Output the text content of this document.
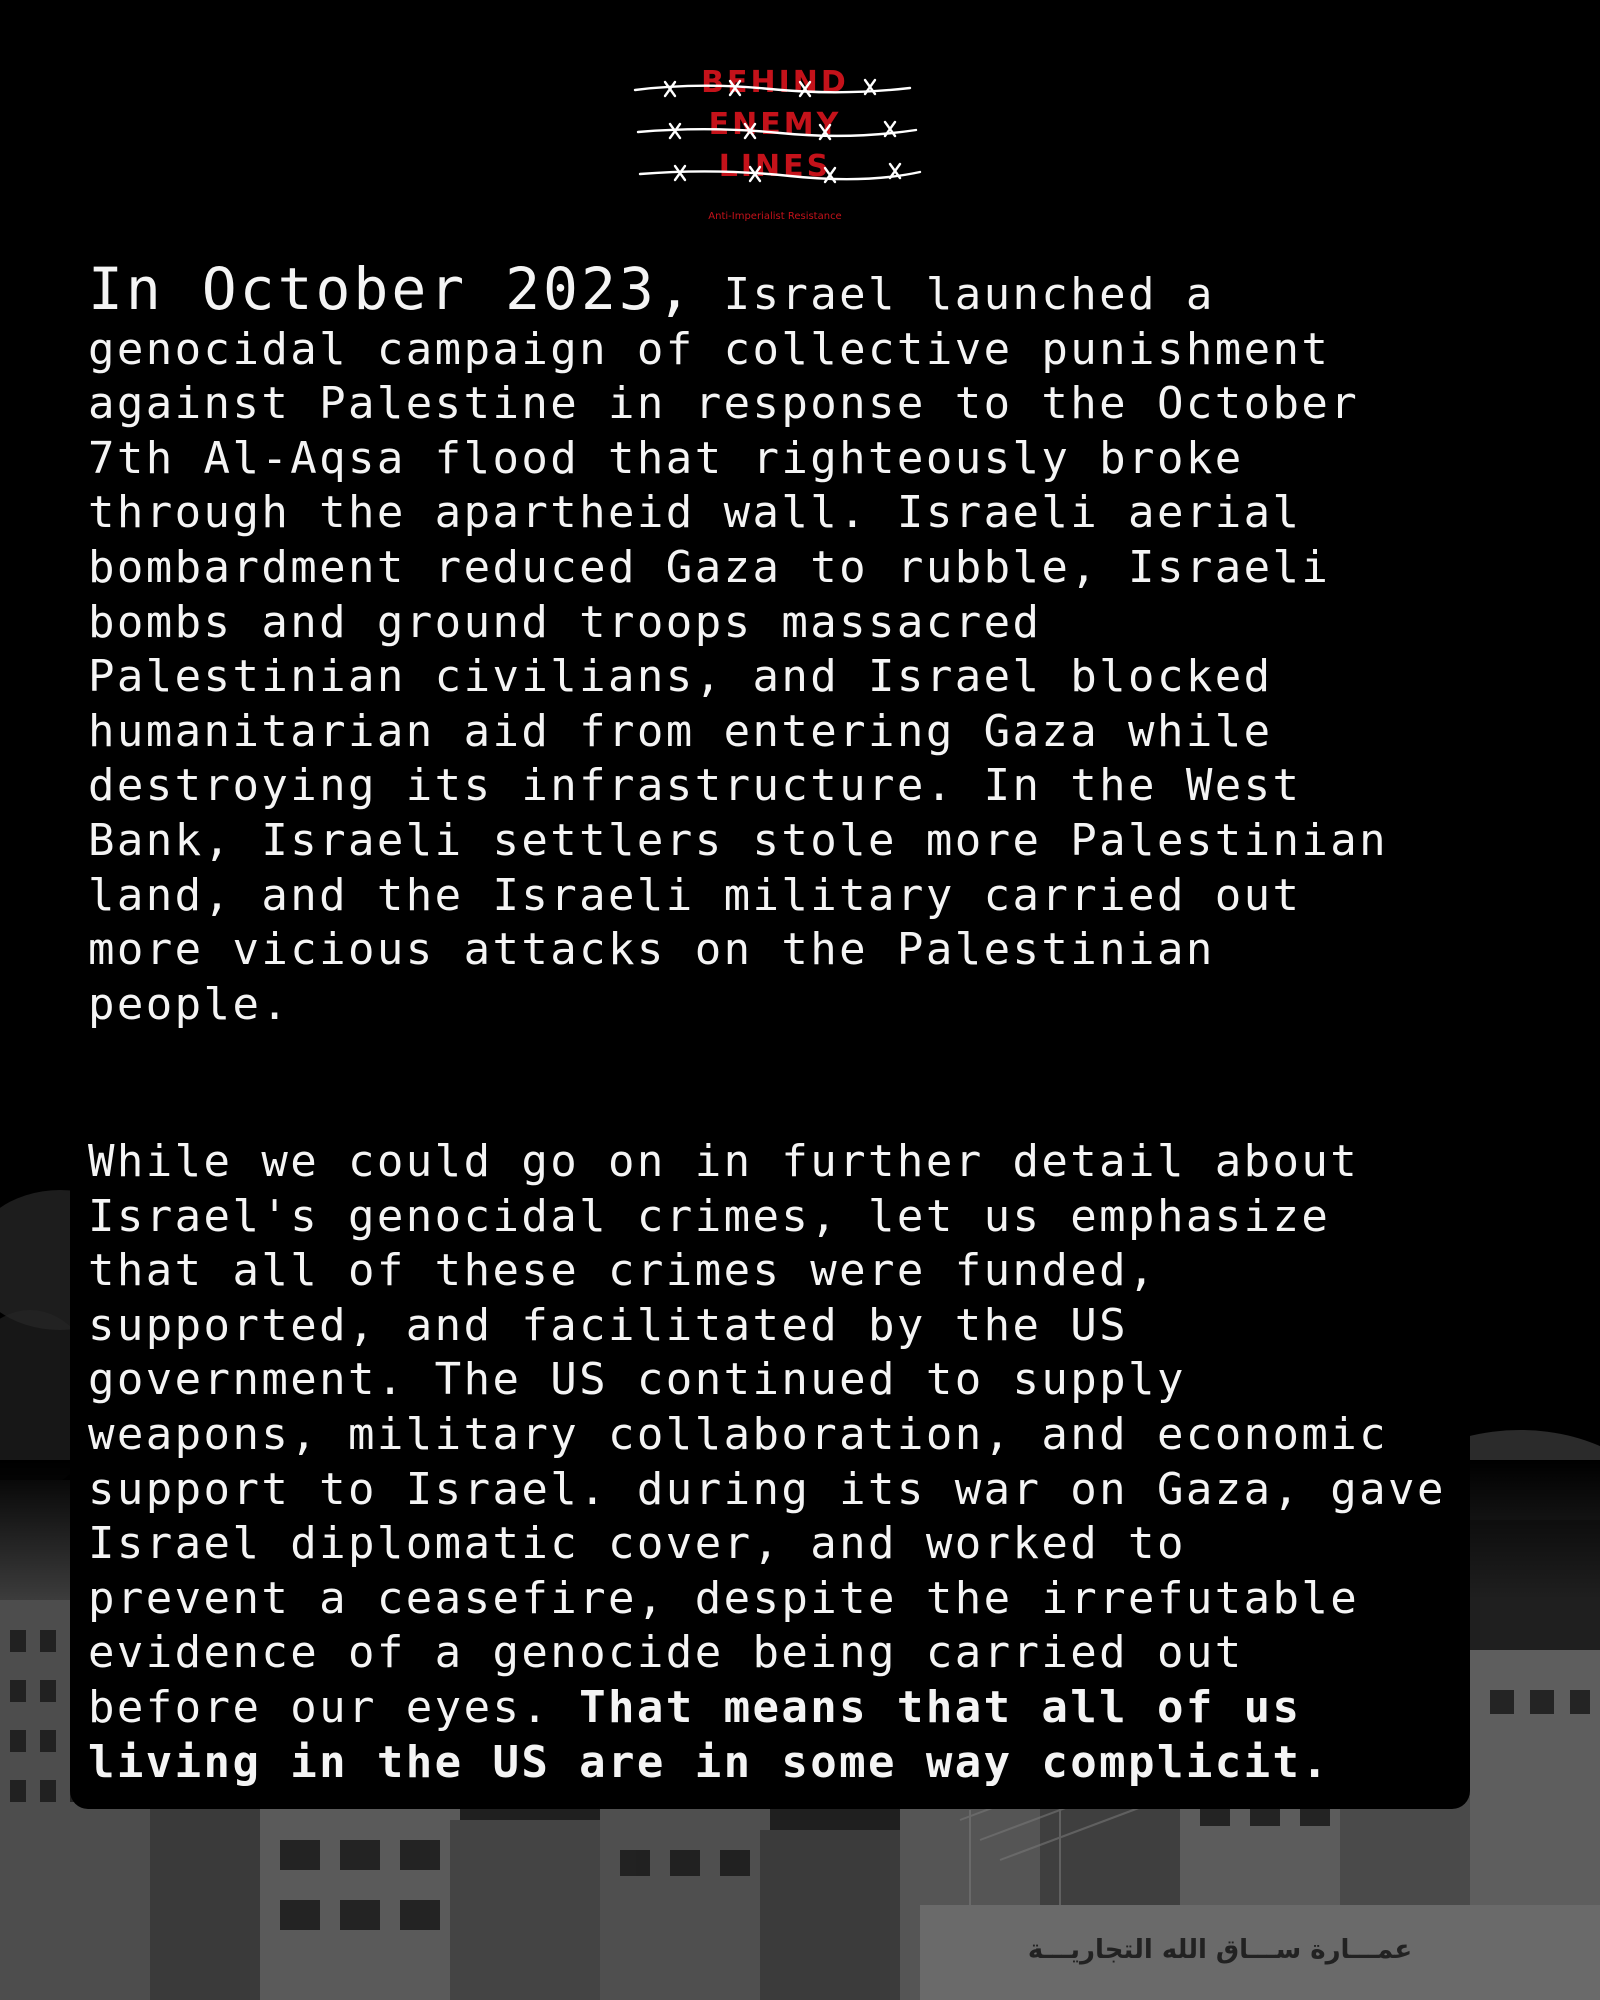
عمـــارة ســـاق الله التجاريـــة
BEHIND
ENEMY
LINES
Anti-Imperialist Resistance
In October 2023, Israel launched a
genocidal campaign of collective punishment
against Palestine in response to the October
7th Al-Aqsa flood that righteously broke
through the apartheid wall. Israeli aerial
bombardment reduced Gaza to rubble, Israeli
bombs and ground troops massacred
Palestinian civilians, and Israel blocked
humanitarian aid from entering Gaza while
destroying its infrastructure. In the West
Bank, Israeli settlers stole more Palestinian
land, and the Israeli military carried out
more vicious attacks on the Palestinian
people.
While we could go on in further detail about
Israel's genocidal crimes, let us emphasize
that all of these crimes were funded,
supported, and facilitated by the US
government. The US continued to supply
weapons, military collaboration, and economic
support to Israel. during its war on Gaza, gave
Israel diplomatic cover, and worked to
prevent a ceasefire, despite the irrefutable
evidence of a genocide being carried out
before our eyes. That means that all of us
living in the US are in some way complicit.
